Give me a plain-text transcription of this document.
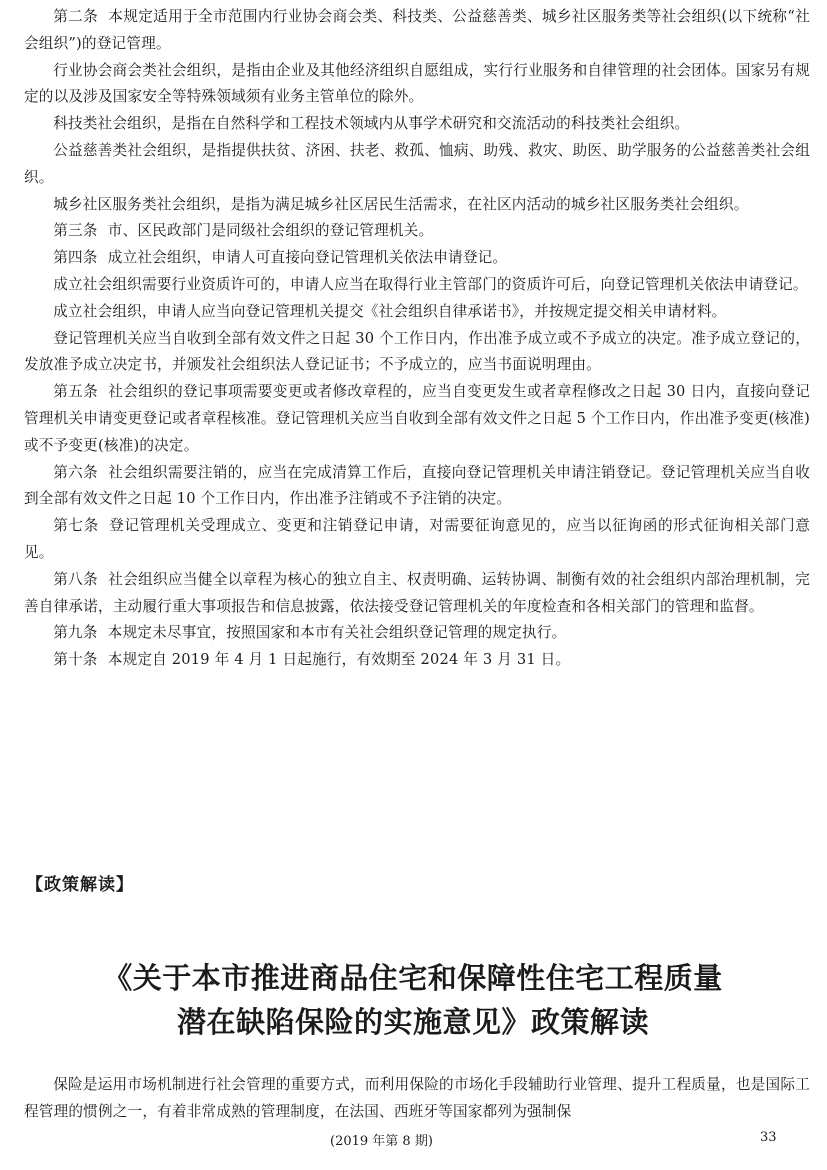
第二条 本规定适用于全市范围内行业协会商会类、科技类、公益慈善类、城乡社区服务类等社会组织(以下统称“社会组织”)的登记管理。

行业协会商会类社会组织，是指由企业及其他经济组织自愿组成，实行行业服务和自律管理的社会团体。国家另有规定的以及涉及国家安全等特殊领域须有业务主管单位的除外。

科技类社会组织，是指在自然科学和工程技术领域内从事学术研究和交流活动的科技类社会组织。

公益慈善类社会组织，是指提供扶贫、济困、扶老、救孤、恤病、助残、救灾、助医、助学服务的公益慈善类社会组织。

城乡社区服务类社会组织，是指为满足城乡社区居民生活需求，在社区内活动的城乡社区服务类社会组织。

第三条 市、区民政部门是同级社会组织的登记管理机关。

第四条 成立社会组织，申请人可直接向登记管理机关依法申请登记。

成立社会组织需要行业资质许可的，申请人应当在取得行业主管部门的资质许可后，向登记管理机关依法申请登记。

成立社会组织，申请人应当向登记管理机关提交《社会组织自律承诺书》，并按规定提交相关申请材料。

登记管理机关应当自收到全部有效文件之日起 30 个工作日内，作出准予成立或不予成立的决定。准予成立登记的，发放准予成立决定书，并颁发社会组织法人登记证书；不予成立的，应当书面说明理由。

第五条 社会组织的登记事项需要变更或者修改章程的，应当自变更发生或者章程修改之日起 30 日内，直接向登记管理机关申请变更登记或者章程核准。登记管理机关应当自收到全部有效文件之日起 5 个工作日内，作出准予变更(核准)或不予变更(核准)的决定。

第六条 社会组织需要注销的，应当在完成清算工作后，直接向登记管理机关申请注销登记。登记管理机关应当自收到全部有效文件之日起 10 个工作日内，作出准予注销或不予注销的决定。

第七条 登记管理机关受理成立、变更和注销登记申请，对需要征询意见的，应当以征询函的形式征询相关部门意见。

第八条 社会组织应当健全以章程为核心的独立自主、权责明确、运转协调、制衡有效的社会组织内部治理机制，完善自律承诺，主动履行重大事项报告和信息披露，依法接受登记管理机关的年度检查和各相关部门的管理和监督。

第九条 本规定未尽事宜，按照国家和本市有关社会组织登记管理的规定执行。

第十条 本规定自 2019 年 4 月 1 日起施行，有效期至 2024 年 3 月 31 日。

【政策解读】
《关于本市推进商品住宅和保障性住宅工程质量
潜在缺陷保险的实施意见》政策解读

保险是运用市场机制进行社会管理的重要方式，而利用保险的市场化手段辅助行业管理、提升工程质量，也是国际工程管理的惯例之一，有着非常成熟的管理制度，在法国、西班牙等国家都列为强制保

(2019 年第 8 期)	33
